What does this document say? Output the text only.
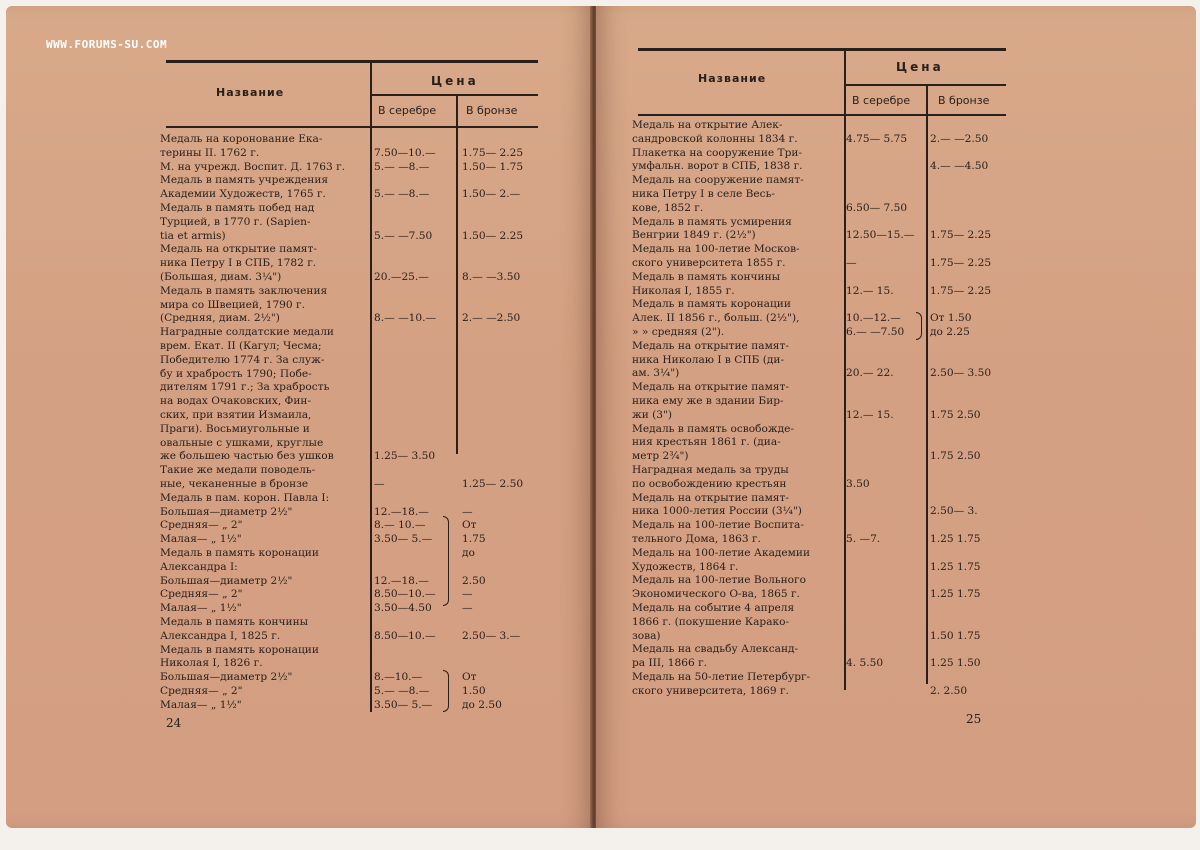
WWW.FORUMS-SU.COM
Название
Цена
В серебре	В бронзе
Медаль на коронование Ека-
терины II. 1762 г.	7.50—10.— 1.75— 2.25
М. на учрежд. Воспит. Д. 1763 г.	5.— —8.—	1.50— 1.75
Медаль в память учреждения
Академии Художеств, 1765 г.	5.— —8.—	1.50— 2.—
Медаль в память побед над
Турцией, в 1770 г. (Sapien-
tia et armis)	5.— —7.50	1.50— 2.25
Медаль на открытие памят-
ника Петру I в СПБ, 1782 г.
(Большая, диам. 3¼")	20.—25.—	8.— —3.50
Медаль в память заключения
мира со Швецией, 1790 г.
(Средняя, диам. 2½")	8.— —10.— 2.— —2.50
Наградные солдатские медали
врем. Екат. II (Кагул; Чесма;
Победителю 1774 г. За служ-
бу и храбрость 1790; Побе-
дителям 1791 г.; За храбрость
на водах Очаковских, Фин-
ских, при взятии Измаила,
Праги). Восьмиугольные и
овальные с ушками, круглые
же большею частью без ушков	1.25— 3.50
Такие же медали поводель-
ные, чеканенные в бронзе	—	1.25— 2.50
Медаль в пам. корон. Павла I:
Большая—диаметр 2½"	12.—18.—	—
Средняя— „ 2"	8.— 10.—	От
Малая— „ 1½"	3.50— 5.—	1.75
Медаль в память коронации	до
Александра I:
Большая—диаметр 2½"	12.—18.—	2.50
Средняя— „ 2"	8.50—10.— —
Малая— „ 1½"	3.50—4.50	—
Медаль в память кончины
Александра I, 1825 г.	8.50—10.— 2.50— 3.—
Медаль в память коронации
Николая I, 1826 г.
Большая—диаметр 2½"	8.—10.—	От
Средняя— „ 2"	5.— —8.—	1.50
Малая— „ 1½"	3.50— 5.—	до 2.50
24
Название
Цена
В серебре	В бронзе
Медаль на открытие Алек-
сандровской колонны 1834 г.	4.75— 5.75 2.— —2.50
Плакетка на сооружение Три-
умфальн. ворот в СПБ, 1838 г.	4.— —4.50
Медаль на сооружение памят-
ника Петру I в селе Весь-
кове, 1852 г.	6.50— 7.50
Медаль в память усмирения
Венгрии 1849 г. (2½")	12.50—15.— 1.75— 2.25
Медаль на 100-летие Москов-
ского университета 1855 г.	—	1.75— 2.25
Медаль в память кончины
Николая I, 1855 г.	12.— 15.	1.75— 2.25
Медаль в память коронации
Алек. II 1856 г., больш. (2½"),	10.—12.—	От 1.50
» » средняя (2").	6.— —7.50 до 2.25
Медаль на открытие памят-
ника Николаю I в СПБ (ди-
ам. 3¼")	20.— 22.	2.50— 3.50
Медаль на открытие памят-
ника ему же в здании Бир-
жи (3")	12.— 15.	1.75 2.50
Медаль в память освобожде-
ния крестьян 1861 г. (диа-
метр 2¾")	1.75 2.50
Наградная медаль за труды
по освобождению крестьян	3.50
Медаль на открытие памят-
ника 1000-летия России (3¼")	2.50— 3.
Медаль на 100-летие Воспита-
тельного Дома, 1863 г.	5. —7.	1.25 1.75
Медаль на 100-летие Академии
Художеств, 1864 г.	1.25 1.75
Медаль на 100-летие Вольного
Экономического О-ва, 1865 г.	1.25 1.75
Медаль на событие 4 апреля
1866 г. (покушение Каракo-
зова)	1.50 1.75
Медаль на свадьбу Александ-
ра III, 1866 г.	4. 5.50	1.25 1.50
Медаль на 50-летие Петербург-
ского университета, 1869 г.	2. 2.50
25
